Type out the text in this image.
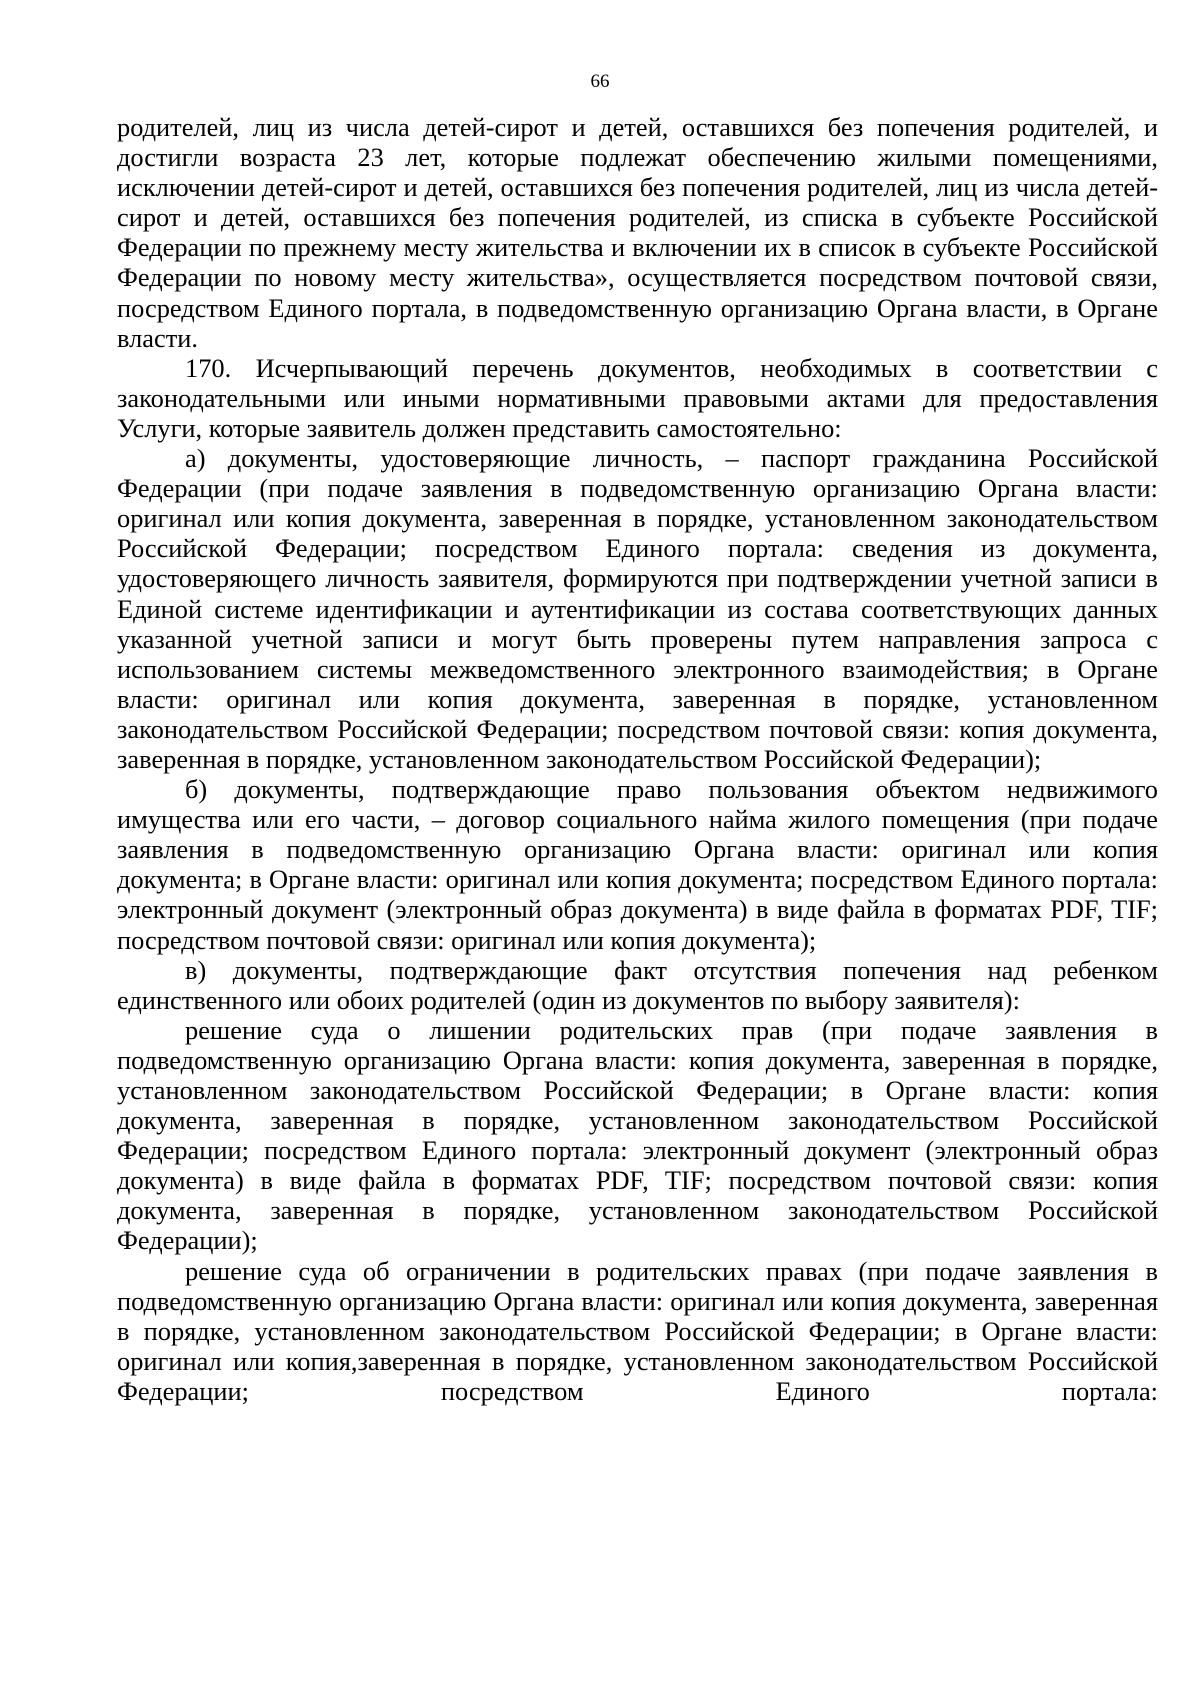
66

родителей, лиц из числа детей-сирот и детей, оставшихся без попечения родителей, и достигли возраста 23 лет, которые подлежат обеспечению жилыми помещениями, исключении детей-сирот и детей, оставшихся без попечения родителей, лиц из числа детей-сирот и детей, оставшихся без попечения родителей, из списка в субъекте Российской Федерации по прежнему месту жительства и включении их в список в субъекте Российской Федерации по новому месту жительства», осуществляется посредством почтовой связи, посредством Единого портала, в подведомственную организацию Органа власти, в Органе власти.

170. Исчерпывающий перечень документов, необходимых в соответствии с законодательными или иными нормативными правовыми актами для предоставления Услуги, которые заявитель должен представить самостоятельно:

а) документы, удостоверяющие личность, – паспорт гражданина Российской Федерации (при подаче заявления в подведомственную организацию Органа власти: оригинал или копия документа, заверенная в порядке, установленном законодательством Российской Федерации; посредством Единого портала: сведения из документа, удостоверяющего личность заявителя, формируются при подтверждении учетной записи в Единой системе идентификации и аутентификации из состава соответствующих данных указанной учетной записи и могут быть проверены путем направления запроса с использованием системы межведомственного электронного взаимодействия; в Органе власти: оригинал или копия документа, заверенная в порядке, установленном законодательством Российской Федерации; посредством почтовой связи: копия документа, заверенная в порядке, установленном законодательством Российской Федерации);

б) документы, подтверждающие право пользования объектом недвижимого имущества или его части, – договор социального найма жилого помещения (при подаче заявления в подведомственную организацию Органа власти: оригинал или копия документа; в Органе власти: оригинал или копия документа; посредством Единого портала: электронный документ (электронный образ документа) в виде файла в форматах PDF, TIF; посредством почтовой связи: оригинал или копия документа);

в) документы, подтверждающие факт отсутствия попечения над ребенком единственного или обоих родителей (один из документов по выбору заявителя):

решение суда о лишении родительских прав (при подаче заявления в подведомственную организацию Органа власти: копия документа, заверенная в порядке, установленном законодательством Российской Федерации; в Органе власти: копия документа, заверенная в порядке, установленном законодательством Российской Федерации; посредством Единого портала: электронный документ (электронный образ документа) в виде файла в форматах PDF, TIF; посредством почтовой связи: копия документа, заверенная в порядке, установленном законодательством Российской Федерации);

решение суда об ограничении в родительских правах (при подаче заявления в подведомственную организацию Органа власти: оригинал или копия документа, заверенная в порядке, установленном законодательством Российской Федерации; в Органе власти: оригинал или копия,заверенная в порядке, установленном законодательством Российской Федерации; посредством Единого портала:
